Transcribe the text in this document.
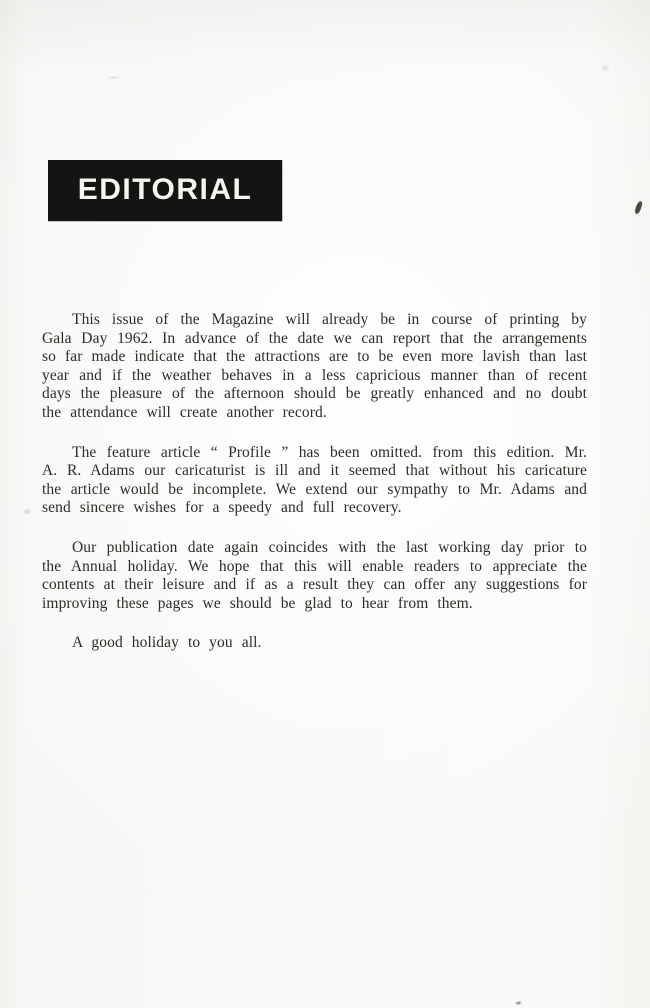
EDITORIAL

This issue of the Magazine will already be in course of printing by Gala Day 1962. In advance of the date we can report that the arrangements so far made indicate that the attractions are to be even more lavish than last year and if the weather behaves in a less capricious manner than of recent days the pleasure of the afternoon should be greatly enhanced and no doubt the attendance will create another record.

The feature article “ Profile ” has been omitted. from this edition. Mr. A. R. Adams our caricaturist is ill and it seemed that without his caricature the article would be incomplete. We extend our sympathy to Mr. Adams and send sincere wishes for a speedy and full recovery.

Our publication date again coincides with the last working day prior to the Annual holiday. We hope that this will enable readers to appreciate the contents at their leisure and if as a result they can offer any suggestions for improving these pages we should be glad to hear from them.

A good holiday to you all.
